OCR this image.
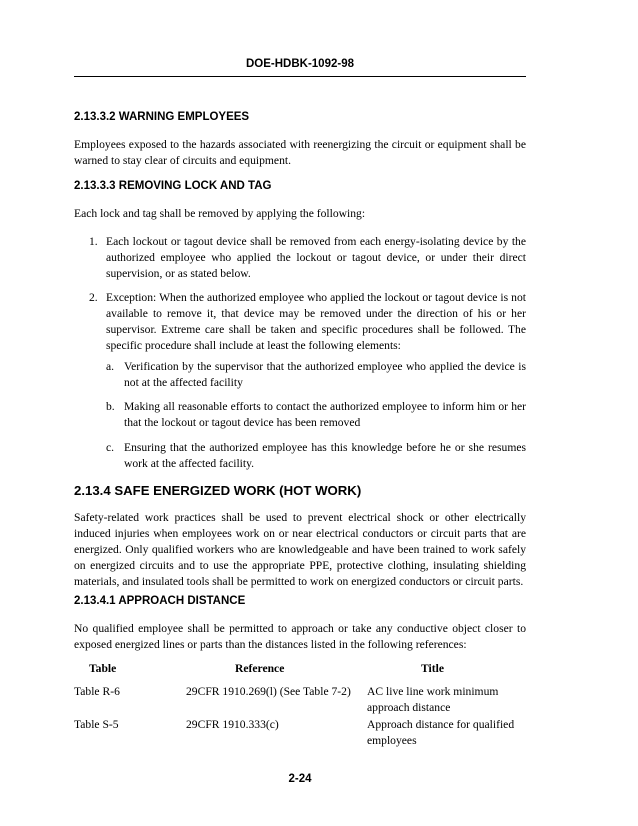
DOE-HDBK-1092-98
2.13.3.2 WARNING EMPLOYEES
Employees exposed to the hazards associated with reenergizing the circuit or equipment shall be warned to stay clear of circuits and equipment.
2.13.3.3 REMOVING LOCK AND TAG
Each lock and tag shall be removed by applying the following:
1. Each lockout or tagout device shall be removed from each energy-isolating device by the authorized employee who applied the lockout or tagout device, or under their direct supervision, or as stated below.
2. Exception: When the authorized employee who applied the lockout or tagout device is not available to remove it, that device may be removed under the direction of his or her supervisor. Extreme care shall be taken and specific procedures shall be followed. The specific procedure shall include at least the following elements:
a. Verification by the supervisor that the authorized employee who applied the device is not at the affected facility
b. Making all reasonable efforts to contact the authorized employee to inform him or her that the lockout or tagout device has been removed
c. Ensuring that the authorized employee has this knowledge before he or she resumes work at the affected facility.
2.13.4 SAFE ENERGIZED WORK (HOT WORK)
Safety-related work practices shall be used to prevent electrical shock or other electrically induced injuries when employees work on or near electrical conductors or circuit parts that are energized. Only qualified workers who are knowledgeable and have been trained to work safely on energized circuits and to use the appropriate PPE, protective clothing, insulating shielding materials, and insulated tools shall be permitted to work on energized conductors or circuit parts.
2.13.4.1 APPROACH DISTANCE
No qualified employee shall be permitted to approach or take any conductive object closer to exposed energized lines or parts than the distances listed in the following references:
Table	Reference	Title
Table R-6	29CFR 1910.269(l) (See Table 7-2)	AC live line work minimum approach distance
Table S-5	29CFR 1910.333(c)	Approach distance for qualified employees
2-24
